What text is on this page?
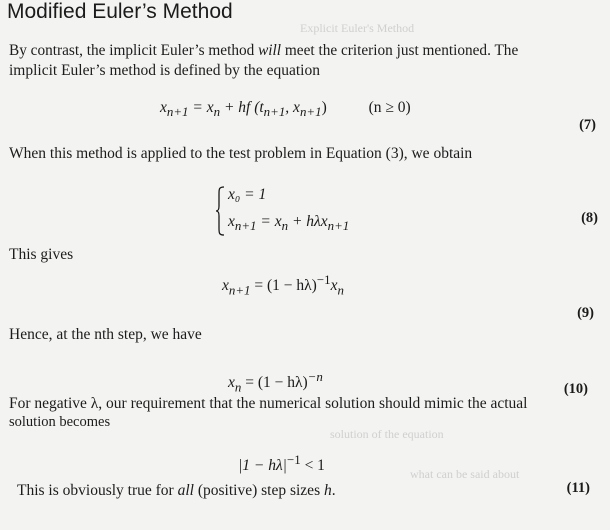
Explicit Euler's Method
solution of the equation
what can be said about
Modified Euler’s Method
By contrast, the implicit Euler’s method will meet the criterion just mentioned. The
implicit Euler’s method is defined by the equation
$x_{n+1} = x_n$ + hf ($t_{n+1}$, $x_{n+1}$)	(n ≥ 0)
(7)
When this method is applied to the test problem in Equation (3), we obtain
x₀ = 1
$x_{n+1} = x_n + h\lambda x_{n+1}$	(8)
This gives
$x_{n+1} = (1 - h\lambda)^{-1}x_n$
(9)
Hence, at the nth step, we have
$x_n = (1 - h\lambda)^{-n}$
(10)
For negative λ, our requirement that the numerical solution should mimic the actual
solution becomes
$|1 - h\lambda|^{-1} < 1$
(11)
This is obviously true for all (positive) step sizes h.
